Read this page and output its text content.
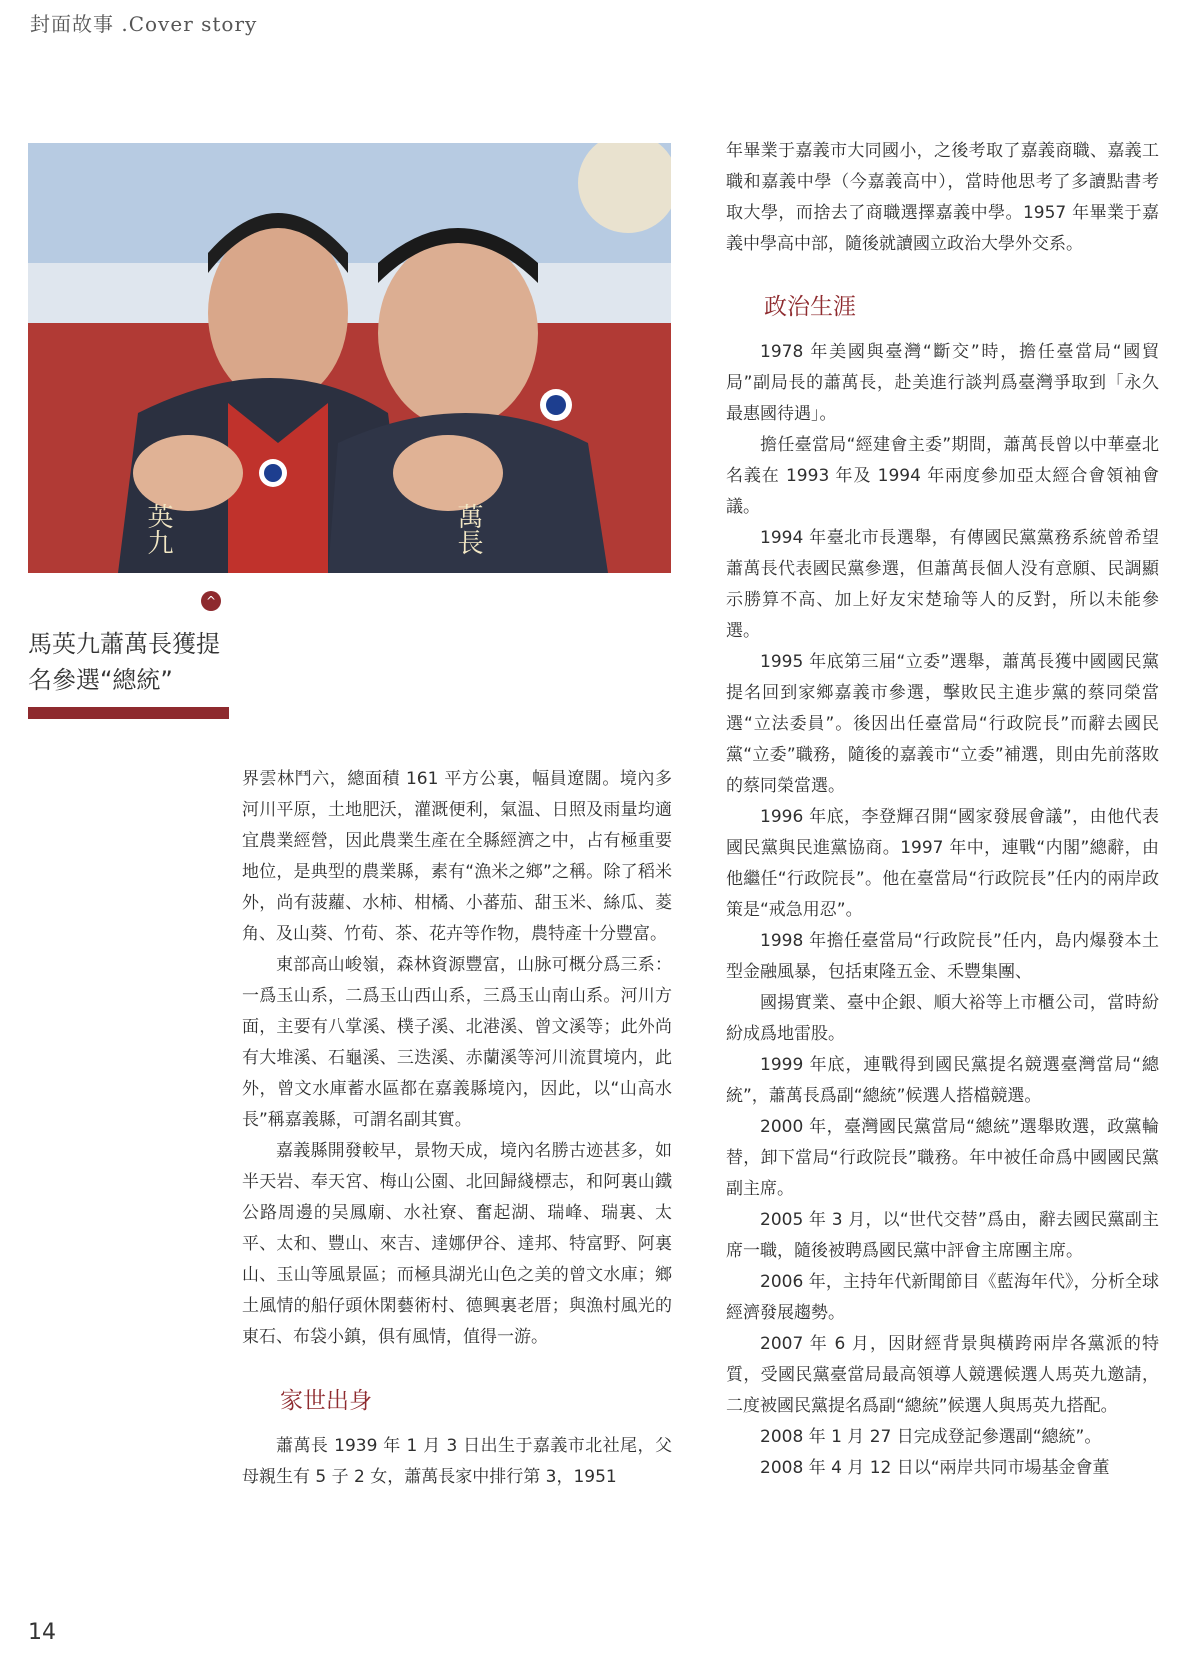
封面故事 .Cover story
英九	萬長
^
馬英九蕭萬長獲提名參選“總統”

界雲林鬥六，總面積 161 平方公裏，幅員遼闊。境內多河川平原，土地肥沃，灌溉便利，氣温、日照及雨量均適宜農業經營，因此農業生產在全縣經濟之中，占有極重要地位，是典型的農業縣，素有“漁米之鄉”之稱。除了稻米外，尚有菠蘿、水柿、柑橘、小蕃茄、甜玉米、絲瓜、菱角、及山葵、竹荀、茶、花卉等作物，農特產十分豐富。

東部高山峻嶺，森林資源豐富，山脉可概分爲三系：一爲玉山系，二爲玉山西山系，三爲玉山南山系。河川方面，主要有八掌溪、樸子溪、北港溪、曾文溪等；此外尚有大堆溪、石龜溪、三迭溪、赤蘭溪等河川流貫境内，此外，曾文水庫蓄水區都在嘉義縣境內，因此，以“山高水長”稱嘉義縣，可謂名副其實。

嘉義縣開發較早，景物天成，境內名勝古迹甚多，如半天岩、奉天宮、梅山公園、北回歸綫標志，和阿裏山鐵公路周邊的吴鳳廟、水社寮、奮起湖、瑞峰、瑞裏、太平、太和、豐山、來吉、達娜伊谷、達邦、特富野、阿裏山、玉山等風景區；而極具湖光山色之美的曾文水庫；鄉土風情的船仔頭休閑藝術村、德興裏老厝；與漁村風光的東石、布袋小鎮，俱有風情，值得一游。

家世出身

蕭萬長 1939 年 1 月 3 日出生于嘉義市北社尾，父母親生有 5 子 2 女，蕭萬長家中排行第 3，1951

年畢業于嘉義市大同國小，之後考取了嘉義商職、嘉義工職和嘉義中學（今嘉義高中），當時他思考了多讀點書考取大學，而捨去了商職選擇嘉義中學。1957 年畢業于嘉義中學高中部，隨後就讀國立政治大學外交系。

政治生涯

1978 年美國與臺灣“斷交”時，擔任臺當局“國貿局”副局長的蕭萬長，赴美進行談判爲臺灣爭取到「永久最惠國待遇」。

擔任臺當局“經建會主委”期間，蕭萬長曾以中華臺北名義在 1993 年及 1994 年兩度參加亞太經合會領袖會議。

1994 年臺北市長選舉，有傳國民黨黨務系統曾希望蕭萬長代表國民黨參選，但蕭萬長個人没有意願、民調顯示勝算不高、加上好友宋楚瑜等人的反對，所以未能參選。

1995 年底第三届“立委”選舉，蕭萬長獲中國國民黨提名回到家鄉嘉義市參選，擊敗民主進步黨的蔡同榮當選“立法委員”。後因出任臺當局“行政院長”而辭去國民黨“立委”職務，隨後的嘉義市“立委”補選，則由先前落敗的蔡同榮當選。

1996 年底，李登輝召開“國家發展會議”，由他代表國民黨與民進黨協商。1997 年中，連戰“内閣”總辭，由他繼任“行政院長”。他在臺當局“行政院長”任内的兩岸政策是“戒急用忍”。

1998 年擔任臺當局“行政院長”任内，島内爆發本土型金融風暴，包括東隆五金、禾豐集團、

國揚實業、臺中企銀、順大裕等上市櫃公司，當時紛紛成爲地雷股。

1999 年底，連戰得到國民黨提名競選臺灣當局“總統”，蕭萬長爲副“總統”候選人搭檔競選。

2000 年，臺灣國民黨當局“總統”選舉敗選，政黨輪替，卸下當局“行政院長”職務。年中被任命爲中國國民黨副主席。

2005 年 3 月，以“世代交替”爲由，辭去國民黨副主席一職，隨後被聘爲國民黨中評會主席團主席。

2006 年，主持年代新聞節目《藍海年代》，分析全球經濟發展趨勢。

2007 年 6 月，因財經背景與橫跨兩岸各黨派的特質，受國民黨臺當局最高領導人競選候選人馬英九邀請，二度被國民黨提名爲副“總統”候選人與馬英九搭配。

2008 年 1 月 27 日完成登記參選副“總統”。

2008 年 4 月 12 日以“兩岸共同市場基金會董

14
